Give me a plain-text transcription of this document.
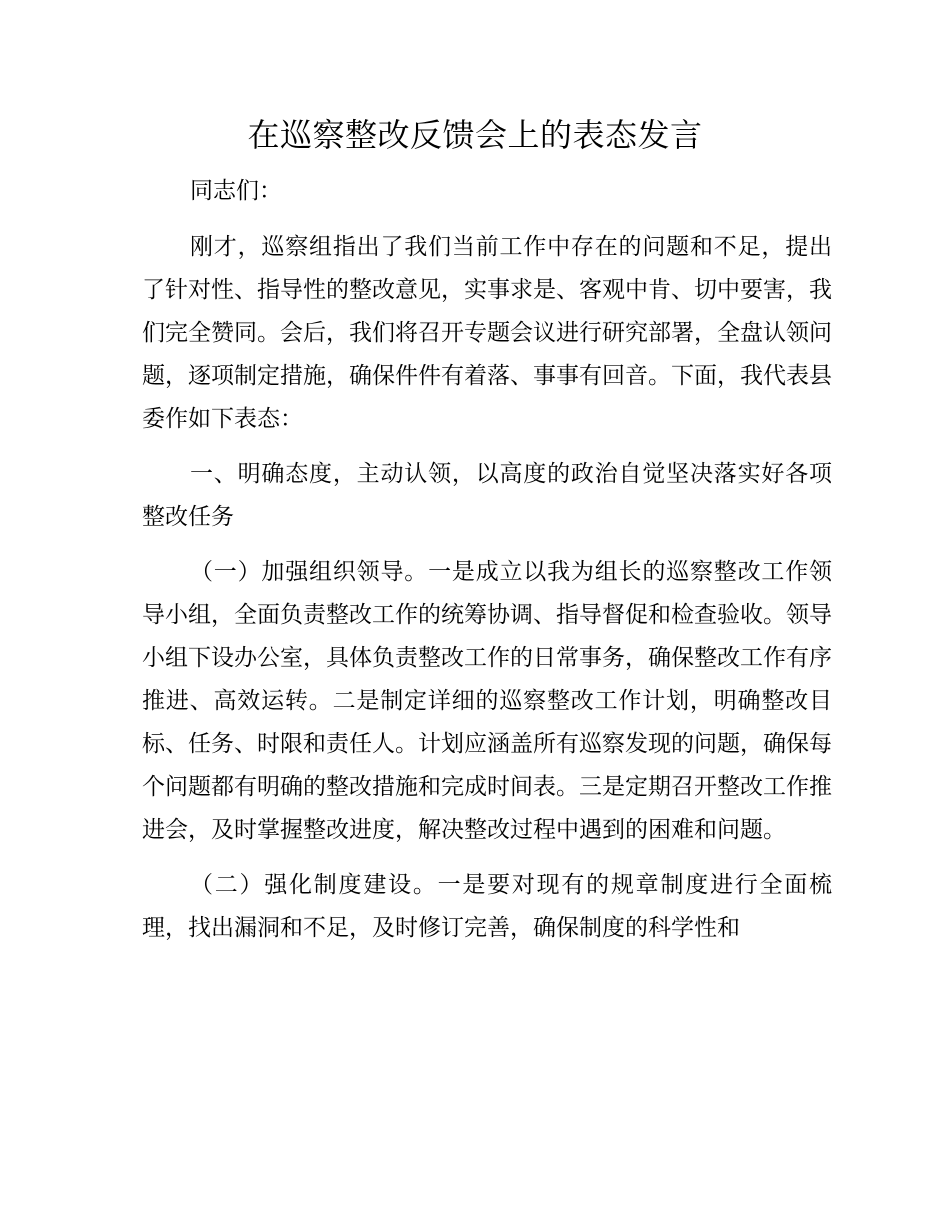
在巡察整改反馈会上的表态发言

同志们：

刚才，巡察组指出了我们当前工作中存在的问题和不足，提出了针对性、指导性的整改意见，实事求是、客观中肯、切中要害，我们完全赞同。会后，我们将召开专题会议进行研究部署，全盘认领问题，逐项制定措施，确保件件有着落、事事有回音。下面，我代表县委作如下表态：

一、明确态度，主动认领，以高度的政治自觉坚决落实好各项整改任务

（一）加强组织领导。一是成立以我为组长的巡察整改工作领导小组，全面负责整改工作的统筹协调、指导督促和检查验收。领导小组下设办公室，具体负责整改工作的日常事务，确保整改工作有序推进、高效运转。二是制定详细的巡察整改工作计划，明确整改目标、任务、时限和责任人。计划应涵盖所有巡察发现的问题，确保每个问题都有明确的整改措施和完成时间表。三是定期召开整改工作推进会，及时掌握整改进度，解决整改过程中遇到的困难和问题。

（二）强化制度建设。一是要对现有的规章制度进行全面梳理，找出漏洞和不足，及时修订完善，确保制度的科学性和
